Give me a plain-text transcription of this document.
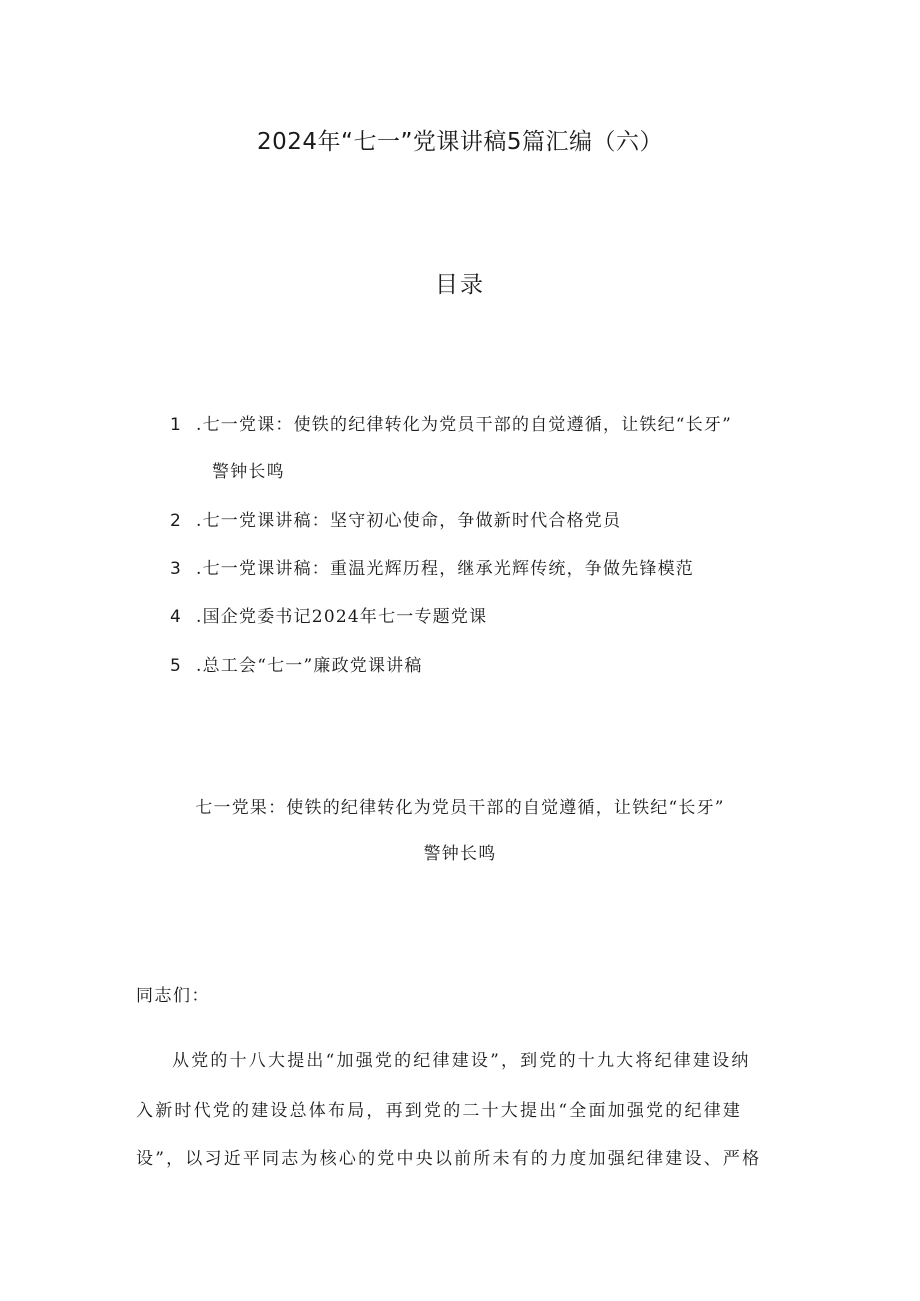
2024年“七一”党课讲稿5篇汇编（六）
目录
1 .七一党课：使铁的纪律转化为党员干部的自觉遵循，让铁纪“长牙”
警钟长鸣
2 .七一党课讲稿：坚守初心使命，争做新时代合格党员
3 .七一党课讲稿：重温光辉历程，继承光辉传统，争做先锋模范
4 .国企党委书记2024年七一专题党课
5 .总工会“七一”廉政党课讲稿
七一党果：使铁的纪律转化为党员干部的自觉遵循，让铁纪“长牙”
警钟长鸣
同志们：
从党的十八大提出“加强党的纪律建设”，到党的十九大将纪律建设纳
入新时代党的建设总体布局，再到党的二十大提出“全面加强党的纪律建
设”，以习近平同志为核心的党中央以前所未有的力度加强纪律建设、严格
